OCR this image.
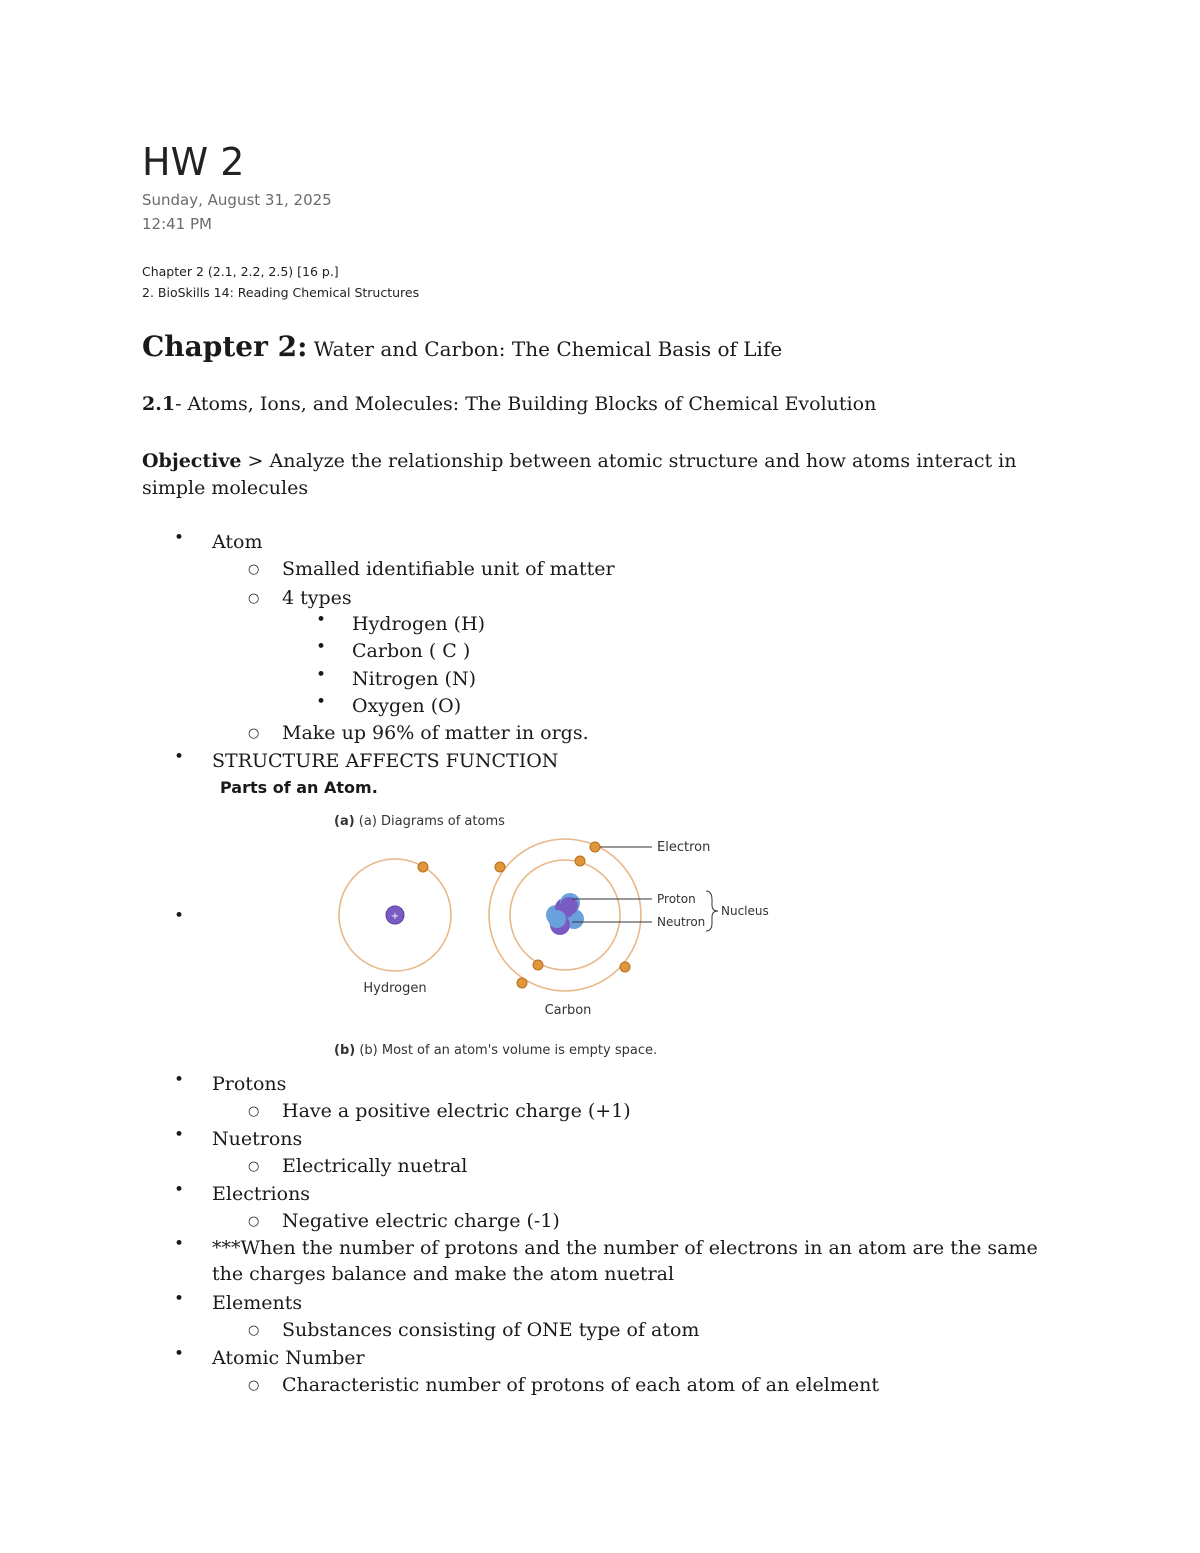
HW 2
Sunday, August 31, 2025
12:41 PM
Chapter 2 (2.1, 2.2, 2.5) [16 p.]
2. BioSkills 14: Reading Chemical Structures
Chapter 2: Water and Carbon: The Chemical Basis of Life
2.1- Atoms, Ions, and Molecules: The Building Blocks of Chemical Evolution
Objective > Analyze the relationship between atomic structure and how atoms interact in simple molecules
• Atom
○ Smalled identifiable unit of matter
○ 4 types
• Hydrogen (H)
• Carbon ( C )
• Nitrogen (N)
• Oxygen (O)
○ Make up 96% of matter in orgs.
• STRUCTURE AFFECTS FUNCTION
Parts of an Atom.
•
(a) (a) Diagrams of atoms
+
Hydrogen
Carbon
Electron
Proton
Neutron
Nucleus
(b) (b) Most of an atom's volume is empty space.
• Protons
○ Have a positive electric charge (+1)
• Nuetrons
○ Electrically nuetral
• Electrions
○ Negative electric charge (-1)
• ***When the number of protons and the number of electrons in an atom are the same the charges balance and make the atom nuetral
• Elements
○ Substances consisting of ONE type of atom
• Atomic Number
○ Characteristic number of protons of each atom of an elelment
